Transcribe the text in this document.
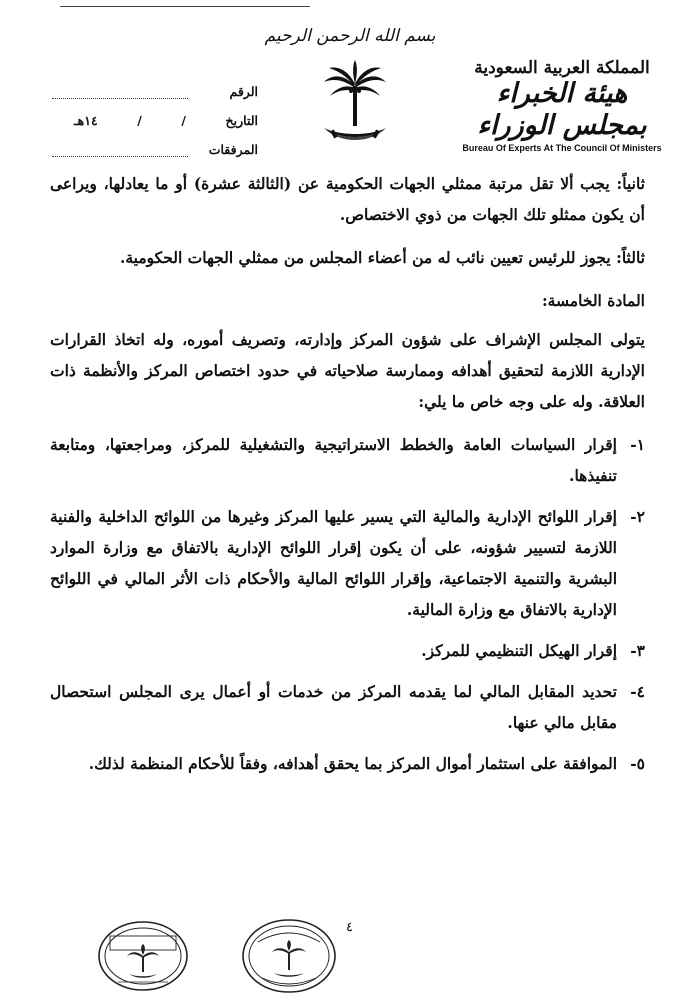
بسم الله الرحمن الرحيم
المملكة العربية السعودية
هيئة الخبراء بمجلس الوزراء
Bureau Of Experts At The Council Of Ministers
الرقم
التاريخ
١٤هـ	/	/
المرفقات

ثانياً: يجب ألا تقل مرتبة ممثلي الجهات الحكومية عن (الثالثة عشرة) أو ما يعادلها، ويراعى أن يكون ممثلو تلك الجهات من ذوي الاختصاص.

ثالثاً: يجوز للرئيس تعيين نائب له من أعضاء المجلس من ممثلي الجهات الحكومية.

المادة الخامسة:

يتولى المجلس الإشراف على شؤون المركز وإدارته، وتصريف أموره، وله اتخاذ القرارات الإدارية اللازمة لتحقيق أهدافه وممارسة صلاحياته في حدود اختصاص المركز والأنظمة ذات العلاقة. وله على وجه خاص ما يلي:

١-
إقرار السياسات العامة والخطط الاستراتيجية والتشغيلية للمركز، ومراجعتها، ومتابعة تنفيذها.
٢-
إقرار اللوائح الإدارية والمالية التي يسير عليها المركز وغيرها من اللوائح الداخلية والفنية اللازمة لتسيير شؤونه، على أن يكون إقرار اللوائح الإدارية بالاتفاق مع وزارة الموارد البشرية والتنمية الاجتماعية، وإقرار اللوائح المالية والأحكام ذات الأثر المالي في اللوائح الإدارية بالاتفاق مع وزارة المالية.
٣-
إقرار الهيكل التنظيمي للمركز.
٤-
تحديد المقابل المالي لما يقدمه المركز من خدمات أو أعمال يرى المجلس استحصال مقابل مالي عنها.
٥-
الموافقة على استثمار أموال المركز بما يحقق أهدافه، وفقاً للأحكام المنظمة لذلك.
٤
